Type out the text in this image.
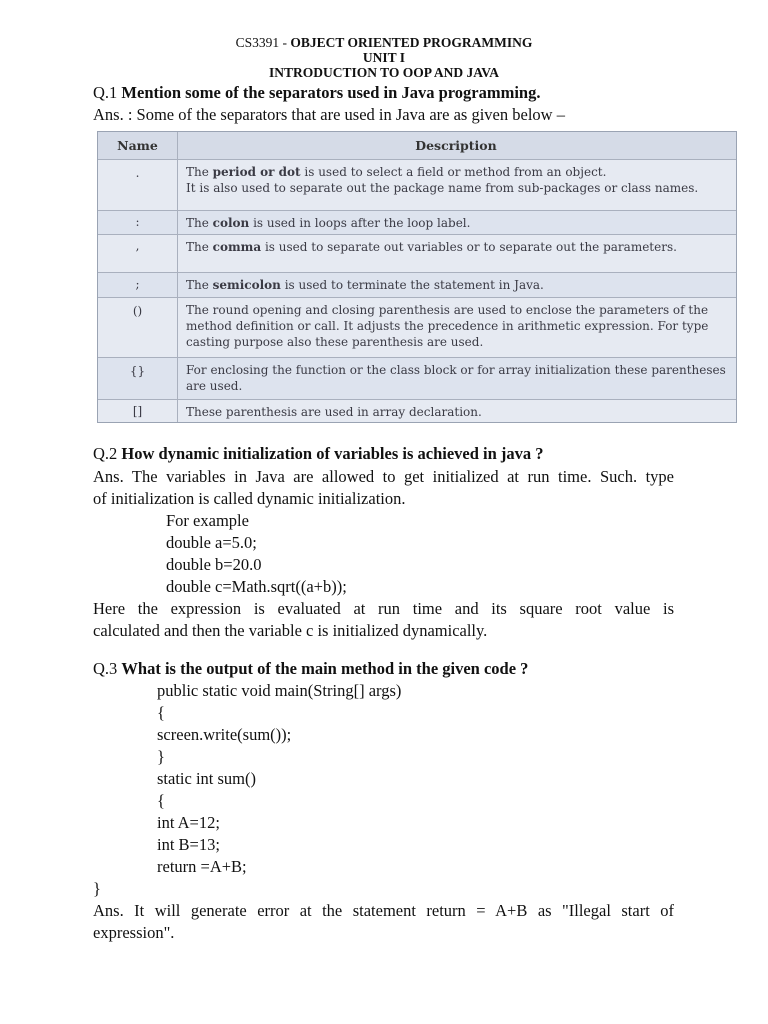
CS3391 - OBJECT ORIENTED PROGRAMMING
UNIT I
INTRODUCTION TO OOP AND JAVA
Q.1 Mention some of the separators used in Java programming.
Ans. : Some of the separators that are used in Java are as given below –
Name	Description
.	The period or dot is used to select a field or method from an object.
It is also used to separate out the package name from sub-packages or class names.
:	The colon is used in loops after the loop label.
,	The comma is used to separate out variables or to separate out the parameters.
;	The semicolon is used to terminate the statement in Java.
()	The round opening and closing parenthesis are used to enclose the parameters of the method definition or call. It adjusts the precedence in arithmetic expression. For type casting purpose also these parenthesis are used.
{}	For enclosing the function or the class block or for array initialization these parentheses are used.
[]	These parenthesis are used in array declaration.
Q.2 How dynamic initialization of variables is achieved in java ?
Ans. The variables in Java are allowed to get initialized at run time. Such. type
of initialization is called dynamic initialization.
For example
double a=5.0;
double b=20.0
double c=Math.sqrt((a+b));
Here the expression is evaluated at run time and its square root value is
calculated and then the variable c is initialized dynamically.
Q.3 What is the output of the main method in the given code ?
public static void main(String[] args)
{
screen.write(sum());
}
static int sum()
{
int A=12;
int B=13;
return =A+B;
}
Ans. It will generate error at the statement return = A+B as "Illegal start of
expression".
